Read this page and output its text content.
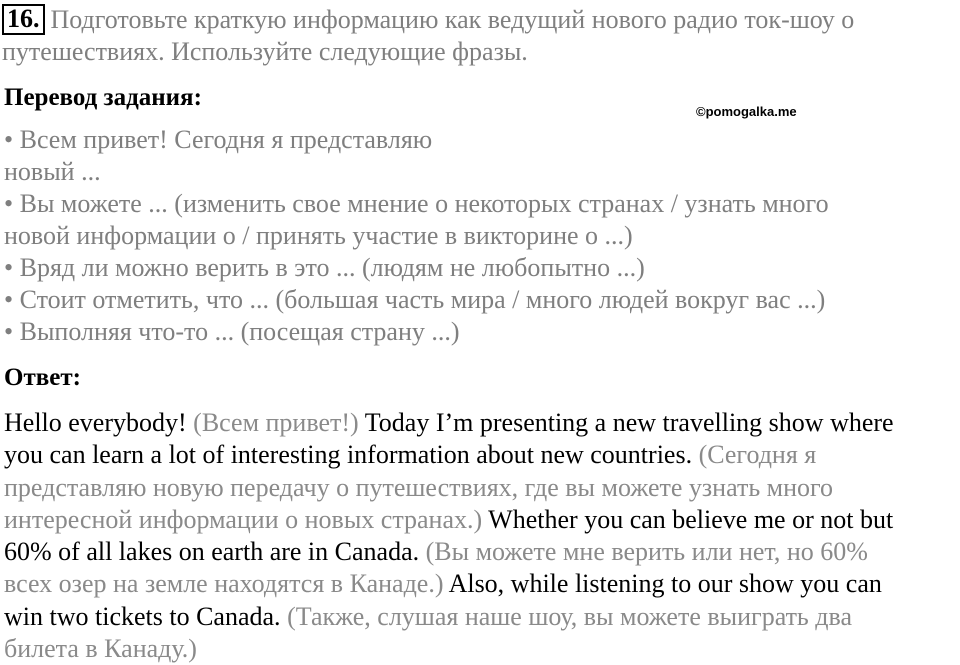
16. Подготовьте краткую информацию как ведущий нового радио ток-шоу о
путешествиях. Используйте следующие фразы.
Перевод задания:
©pomogalka.me
• Всем привет! Сегодня я представляю
новый ...
• Вы можете ... (изменить свое мнение о некоторых странах / узнать много
новой информации о / принять участие в викторине о ...)
• Вряд ли можно верить в это ... (людям не любопытно ...)
• Стоит отметить, что ... (большая часть мира / много людей вокруг вас ...)
• Выполняя что-то ... (посещая страну ...)
Ответ:
Hello everybody! (Всем привет!) Today I’m presenting a new travelling show where
you can learn a lot of interesting information about new countries. (Сегодня я
представляю новую передачу о путешествиях, где вы можете узнать много
интересной информации о новых странах.) Whether you can believe me or not but
60% of all lakes on earth are in Canada. (Вы можете мне верить или нет, но 60%
всех озер на земле находятся в Канаде.) Also, while listening to our show you can
win two tickets to Canada. (Также, слушая наше шоу, вы можете выиграть два
билета в Канаду.)
